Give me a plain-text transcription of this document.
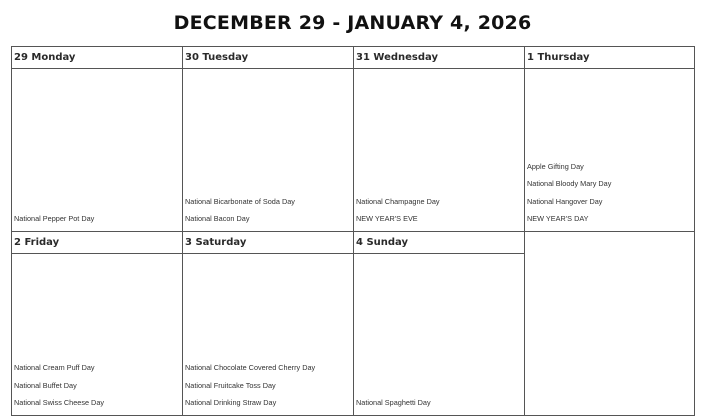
DECEMBER 29 - JANUARY 4, 2026
29 Monday
National Pepper Pot Day
30 Tuesday
National Bicarbonate of Soda Day
National Bacon Day
31 Wednesday
National Champagne Day
NEW YEAR'S EVE
1 Thursday
Apple Gifting Day
National Bloody Mary Day
National Hangover Day
NEW YEAR'S DAY
2 Friday
National Cream Puff Day
National Buffet Day
National Swiss Cheese Day
3 Saturday
National Chocolate Covered Cherry Day
National Fruitcake Toss Day
National Drinking Straw Day
4 Sunday
National Spaghetti Day
